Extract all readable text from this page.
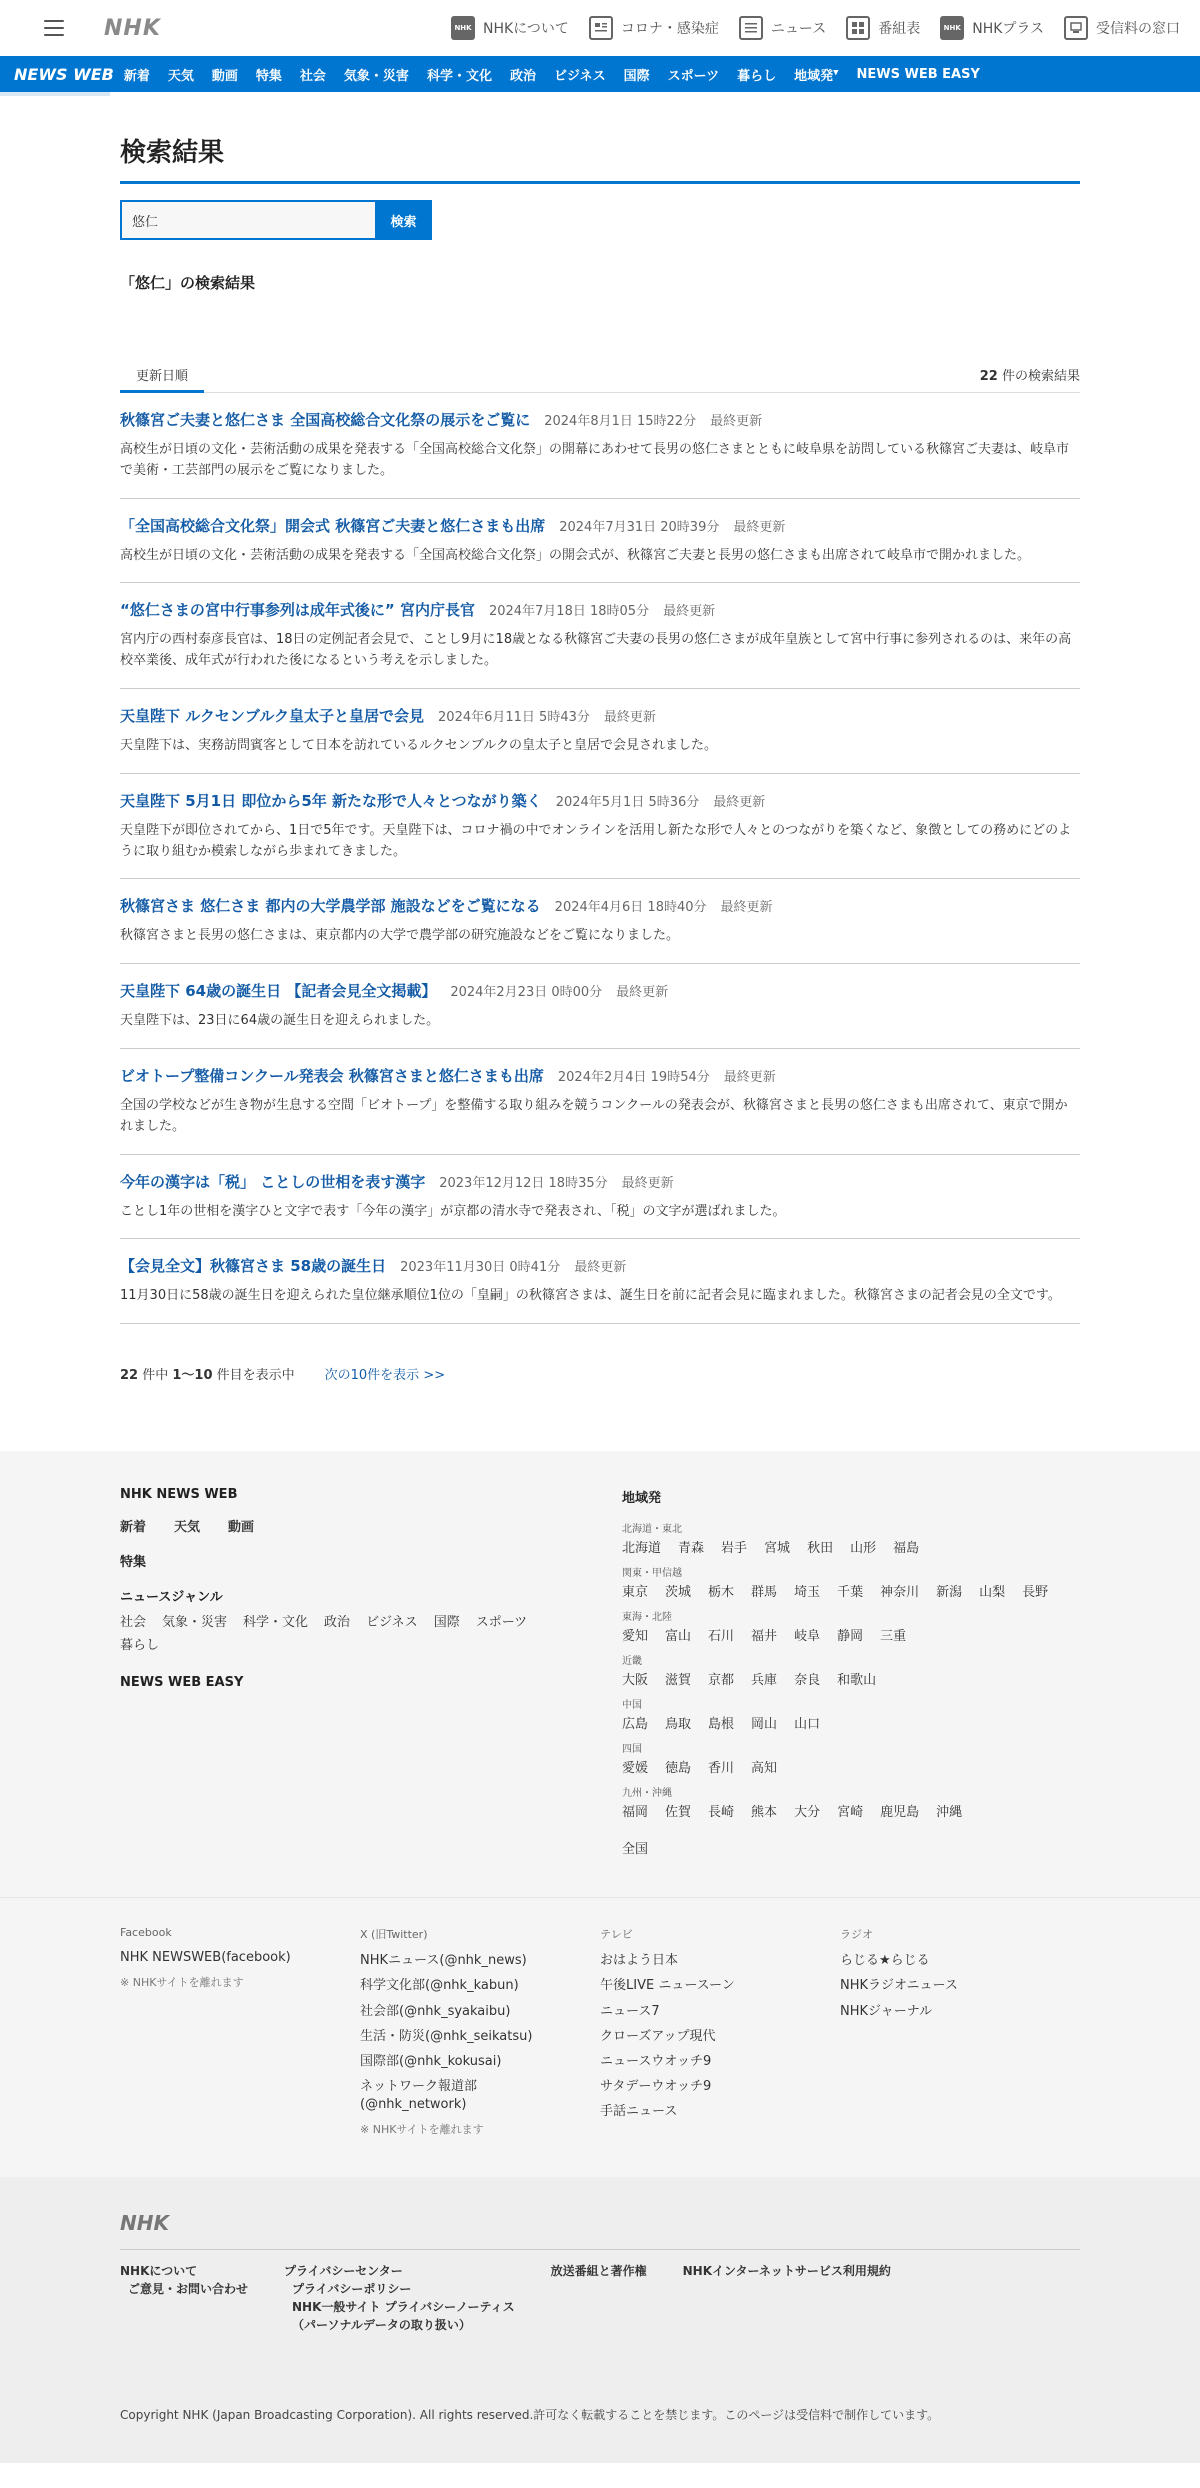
NHK	NHK NHKについて	コロナ・感染症	ニュース	番組表	NHK NHKプラス	受信料の窓口
NEWS WEB 新着 天気 動画 特集 社会 気象・災害 科学・文化 政治 ビジネス 国際 スポーツ 暮らし 地域発▼ NEWS WEB EASY
検索結果
悠仁
検索
「悠仁」の検索結果
更新日順	22 件の検索結果
秋篠宮ご夫妻と悠仁さま 全国高校総合文化祭の展示をご覧に 2024年8月1日 15時22分 最終更新

高校生が日頃の文化・芸術活動の成果を発表する「全国高校総合文化祭」の開幕にあわせて長男の悠仁さまとともに岐阜県を訪問している秋篠宮ご夫妻は、岐阜市で美術・工芸部門の展示をご覧になりました。

「全国高校総合文化祭」開会式 秋篠宮ご夫妻と悠仁さまも出席 2024年7月31日 20時39分 最終更新

高校生が日頃の文化・芸術活動の成果を発表する「全国高校総合文化祭」の開会式が、秋篠宮ご夫妻と長男の悠仁さまも出席されて岐阜市で開かれました。

“悠仁さまの宮中行事参列は成年式後に” 宮内庁長官 2024年7月18日 18時05分 最終更新

宮内庁の西村泰彦長官は、18日の定例記者会見で、ことし9月に18歳となる秋篠宮ご夫妻の長男の悠仁さまが成年皇族として宮中行事に参列されるのは、来年の高校卒業後、成年式が行われた後になるという考えを示しました。

天皇陛下 ルクセンブルク皇太子と皇居で会見 2024年6月11日 5時43分 最終更新

天皇陛下は、実務訪問賓客として日本を訪れているルクセンブルクの皇太子と皇居で会見されました。

天皇陛下 5月1日 即位から5年 新たな形で人々とつながり築く 2024年5月1日 5時36分 最終更新

天皇陛下が即位されてから、1日で5年です。天皇陛下は、コロナ禍の中でオンラインを活用し新たな形で人々とのつながりを築くなど、象徴としての務めにどのように取り組むか模索しながら歩まれてきました。

秋篠宮さま 悠仁さま 都内の大学農学部 施設などをご覧になる 2024年4月6日 18時40分 最終更新

秋篠宮さまと長男の悠仁さまは、東京都内の大学で農学部の研究施設などをご覧になりました。

天皇陛下 64歳の誕生日 【記者会見全文掲載】 2024年2月23日 0時00分 最終更新

天皇陛下は、23日に64歳の誕生日を迎えられました。

ビオトープ整備コンクール発表会 秋篠宮さまと悠仁さまも出席 2024年2月4日 19時54分 最終更新

全国の学校などが生き物が生息する空間「ビオトープ」を整備する取り組みを競うコンクールの発表会が、秋篠宮さまと長男の悠仁さまも出席されて、東京で開かれました。

今年の漢字は「税」 ことしの世相を表す漢字 2023年12月12日 18時35分 最終更新

ことし1年の世相を漢字ひと文字で表す「今年の漢字」が京都の清水寺で発表され、「税」の文字が選ばれました。

【会見全文】秋篠宮さま 58歳の誕生日 2023年11月30日 0時41分 最終更新

11月30日に58歳の誕生日を迎えられた皇位継承順位1位の「皇嗣」の秋篠宮さまは、誕生日を前に記者会見に臨まれました。秋篠宮さまの記者会見の全文です。

22 件中 1〜10 件目を表示中 次の10件を表示 >>
NHK NEWS WEB
新着 天気 動画
特集
ニュースジャンル
社会 気象・災害 科学・文化 政治 ビジネス 国際 スポーツ
暮らし
NEWS WEB EASY
地域発
北海道・東北
北海道 青森 岩手 宮城 秋田 山形 福島
関東・甲信越
東京 茨城 栃木 群馬 埼玉 千葉 神奈川 新潟 山梨 長野
東海・北陸
愛知 富山 石川 福井 岐阜 静岡 三重
近畿
大阪 滋賀 京都 兵庫 奈良 和歌山
中国
広島 鳥取 島根 岡山 山口
四国
愛媛 徳島 香川 高知
九州・沖縄
福岡 佐賀 長崎 熊本 大分 宮崎 鹿児島 沖縄
全国
Facebook
NHK NEWSWEB(facebook)
※ NHKサイトを離れます
X (旧Twitter)
NHKニュース(@nhk_news)
科学文化部(@nhk_kabun)
社会部(@nhk_syakaibu)
生活・防災(@nhk_seikatsu)
国際部(@nhk_kokusai)
ネットワーク報道部(@nhk_network)
※ NHKサイトを離れます
テレビ
おはよう日本
午後LIVE ニュースーン
ニュース7
クローズアップ現代
ニュースウオッチ9
サタデーウオッチ9
手話ニュース
ラジオ
らじる★らじる
NHKラジオニュース
NHKジャーナル
NHK
NHKについて
ご意見・お問い合わせ
プライバシーセンター
プライバシーポリシー
NHK一般サイト プライバシーノーティス
（パーソナルデータの取り扱い）
放送番組と著作権	NHKインターネットサービス利用規約
Copyright NHK (Japan Broadcasting Corporation). All rights reserved.許可なく転載することを禁じます。このページは受信料で制作しています。
